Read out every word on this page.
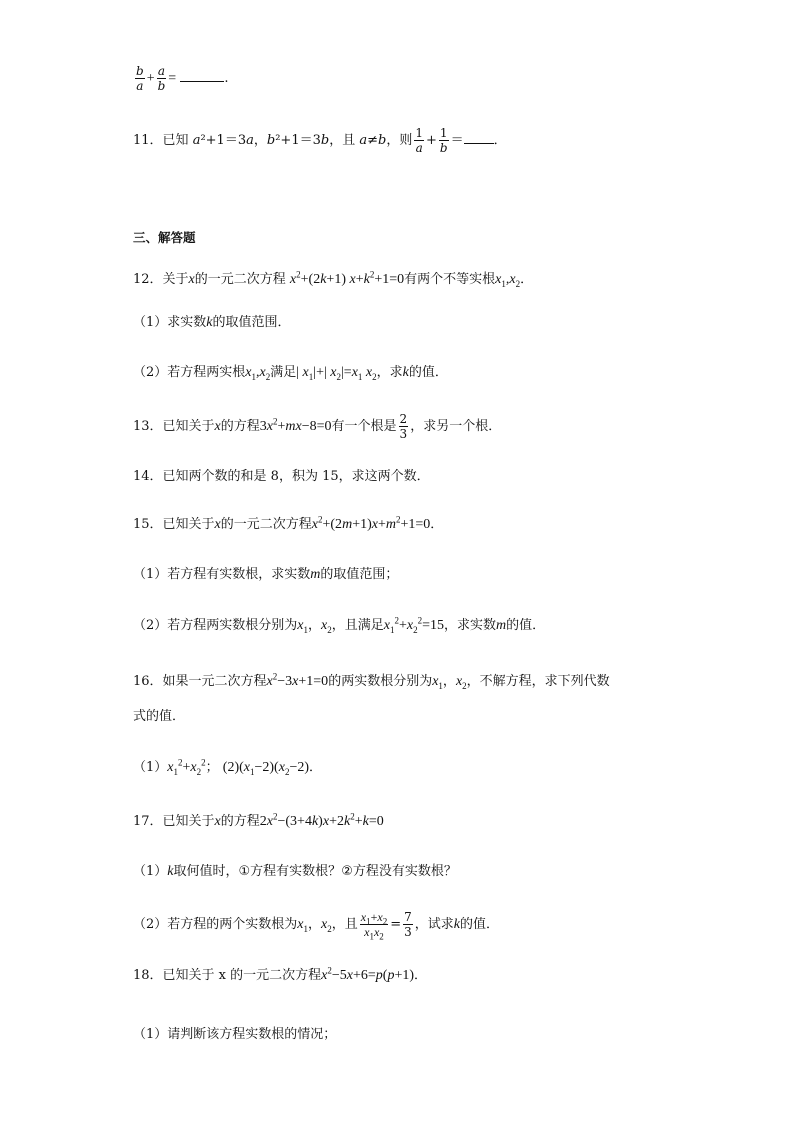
$\frac{b}{a} + \frac{a}{b}$ =	.
11．已知 a²+1＝3a，b²+1＝3b，且 a≠b，则 $\frac{1}{a} + \frac{1}{b}$ ＝ ．
三、解答题
12．关于x的一元二次方程 $x^2+(2k+1)$ $x+k^2+1=0$有两个不等实根$x_1,x_2$．
（1）求实数k的取值范围．
（2）若方程两实根$x_1,x_2$满足| $x_1|+|$ $x_2|=x_1$ $x_2$，求k的值．
13．已知关于x的方程$3x^2+mx-8=0$有一个根是 $\frac{2}{3}$ ，求另一个根．
14．已知两个数的和是 8，积为 15，求这两个数．
15．已知关于x的一元二次方程$x^2+(2m+1)x+m^2+1=0$．
（1）若方程有实数根，求实数m的取值范围；
（2）若方程两实数根分别为$x_1$，$x_2$，且满足$x_1^2+x_2^2=15$，求实数m的值．
16．如果一元二次方程$x^2-3x+1=0$的两实数根分别为$x_1$，$x_2$，不解方程，求下列代数
式的值．
$(1)x_1^2+x_2^2$； $(2)(x_1-2)(x_2-2)$．
17．已知关于x的方程$2x^2-(3+4k)x+2k^2+k=0$
（1）k取何值时，①方程有实数根？②方程没有实数根？
（2）若方程的两个实数根为$x_1$，$x_2$，且 $\frac{x_1+x_2}{x_1x_2} = \frac{7}{3}$ ，试求k的值．
18．已知关于 x 的一元二次方程$x^2-5x+6=p(p+1)$．
（1）请判断该方程实数根的情况；
